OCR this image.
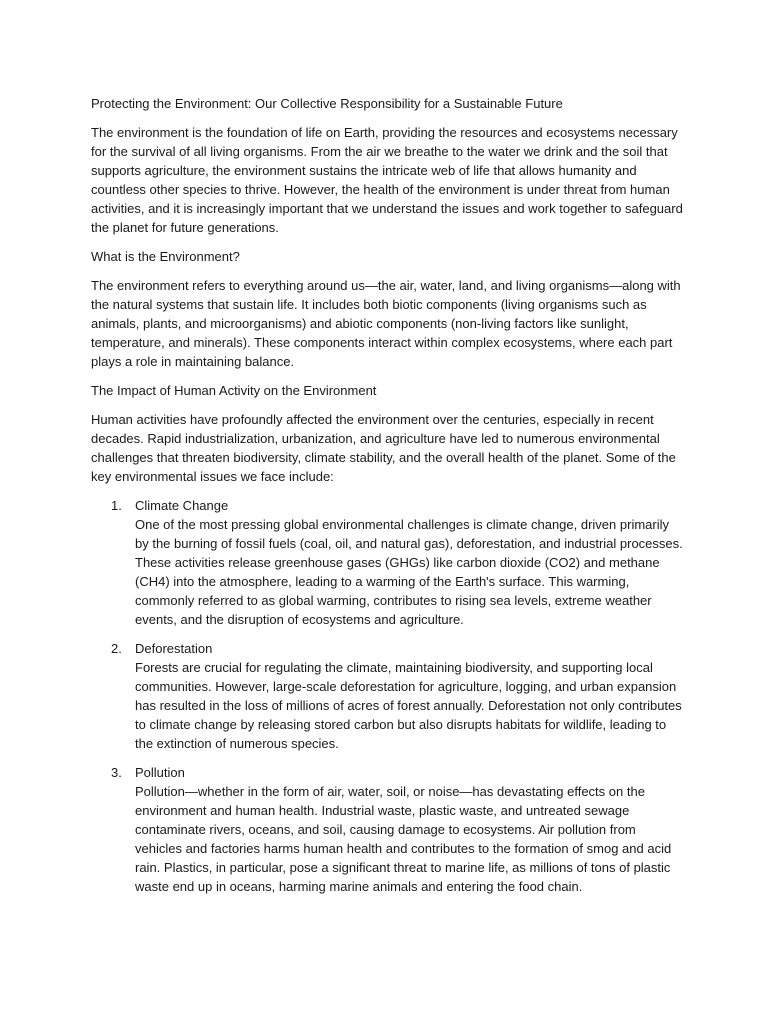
Protecting the Environment: Our Collective Responsibility for a Sustainable Future

The environment is the foundation of life on Earth, providing the resources and ecosystems necessary for the survival of all living organisms. From the air we breathe to the water we drink and the soil that supports agriculture, the environment sustains the intricate web of life that allows humanity and countless other species to thrive. However, the health of the environment is under threat from human activities, and it is increasingly important that we understand the issues and work together to safeguard the planet for future generations.

What is the Environment?

The environment refers to everything around us—the air, water, land, and living organisms—along with the natural systems that sustain life. It includes both biotic components (living organisms such as animals, plants, and microorganisms) and abiotic components (non-living factors like sunlight, temperature, and minerals). These components interact within complex ecosystems, where each part plays a role in maintaining balance.

The Impact of Human Activity on the Environment

Human activities have profoundly affected the environment over the centuries, especially in recent decades. Rapid industrialization, urbanization, and agriculture have led to numerous environmental challenges that threaten biodiversity, climate stability, and the overall health of the planet. Some of the key environmental issues we face include:

1. Climate Change
One of the most pressing global environmental challenges is climate change, driven primarily by the burning of fossil fuels (coal, oil, and natural gas), deforestation, and industrial processes. These activities release greenhouse gases (GHGs) like carbon dioxide (CO2) and methane (CH4) into the atmosphere, leading to a warming of the Earth's surface. This warming, commonly referred to as global warming, contributes to rising sea levels, extreme weather events, and the disruption of ecosystems and agriculture.
2. Deforestation
Forests are crucial for regulating the climate, maintaining biodiversity, and supporting local communities. However, large-scale deforestation for agriculture, logging, and urban expansion has resulted in the loss of millions of acres of forest annually. Deforestation not only contributes to climate change by releasing stored carbon but also disrupts habitats for wildlife, leading to the extinction of numerous species.
3. Pollution
Pollution—whether in the form of air, water, soil, or noise—has devastating effects on the environment and human health. Industrial waste, plastic waste, and untreated sewage contaminate rivers, oceans, and soil, causing damage to ecosystems. Air pollution from vehicles and factories harms human health and contributes to the formation of smog and acid rain. Plastics, in particular, pose a significant threat to marine life, as millions of tons of plastic waste end up in oceans, harming marine animals and entering the food chain.
